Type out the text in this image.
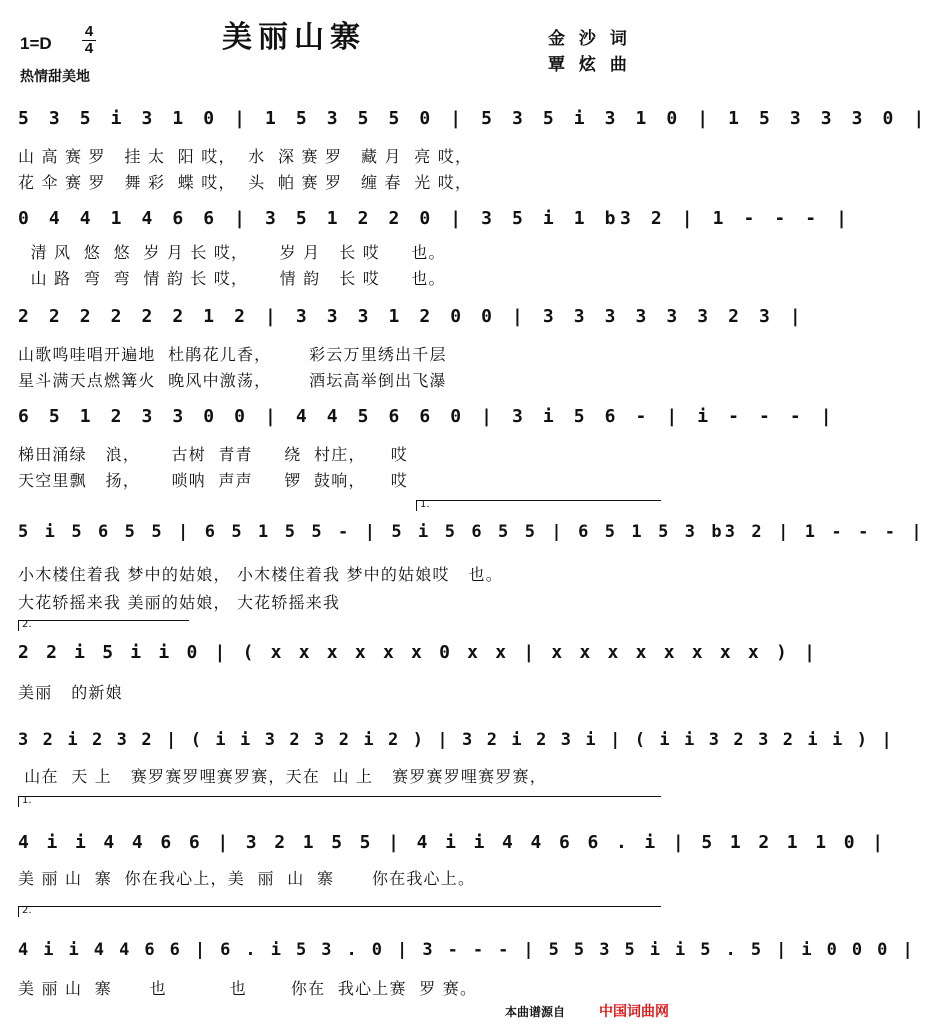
美丽山寨
1=D
4
4	金 沙 词
覃 炫 曲
热情甜美地
5 3 5 i 3 1 0 | 1 5 3 5 5 0 | 5 3 5 i 3 1 0 | 1 5 3 3 3 0 |
山 高 赛 罗   挂 太  阳 哎，  水  深 赛 罗   藏 月  亮 哎，
花 伞 赛 罗   舞 彩  蝶 哎，  头  帕 赛 罗   缠 春  光 哎，
0 4 4 1 4 6 6 | 3 5 1 2 2 0 | 3 5 i 1 b3 2 | 1 - - - |
清 风  悠  悠  岁 月 长 哎，     岁 月   长 哎     也。
山 路  弯  弯  情 韵 长 哎，     情 韵   长 哎     也。
2 2 2 2 2 2 1 2 | 3 3 3 1 2 0 0 | 3 3 3 3 3 3 2 3 |
山歌鸣哇唱开遍地  杜鹃花儿香，      彩云万里绣出千层
星斗满天点燃篝火  晚风中激荡，      酒坛高举倒出飞瀑
6 5 1 2 3 3 0 0 | 4 4 5 6 6 0 | 3 i 5 6 - | i - - - |
梯田涌绿   浪，     古树  青青     绕  村庄，    哎
天空里飘   扬，     唢呐  声声     锣  鼓响，    哎
1.
5 i 5 6 5 5 | 6 5 1 5 5 - | 5 i 5 6 5 5 | 6 5 1 5 3 b3 2 | 1 - - - |
小木楼住着我 梦中的姑娘， 小木楼住着我 梦中的姑娘哎   也。
大花轿摇来我 美丽的姑娘， 大花轿摇来我
2.
2 2 i 5 i i 0 | ( x x x x x x 0 x x | x x x x x x x x ) |
美丽   的新娘
3 2 i 2 3 2 | ( i i 3 2 3 2 i 2 ) | 3 2 i 2 3 i | ( i i 3 2 3 2 i i ) |
山在  天 上   赛罗赛罗哩赛罗赛，天在  山 上   赛罗赛罗哩赛罗赛，
1.
4 i i 4 4 6 6 | 3 2 1 5 5 | 4 i i 4 4 6 6 . i | 5 1 2 1 1 0 |
美 丽 山  寨  你在我心上，美  丽  山  寨      你在我心上。
2.
4 i i 4 4 6 6 | 6 . i 5 3 . 0 | 3 - - - | 5 5 3 5 i i 5 . 5 | i 0 0 0 |
美 丽 山  寨      也          也       你在  我心上赛  罗 赛。
本曲谱源自 中国词曲网
